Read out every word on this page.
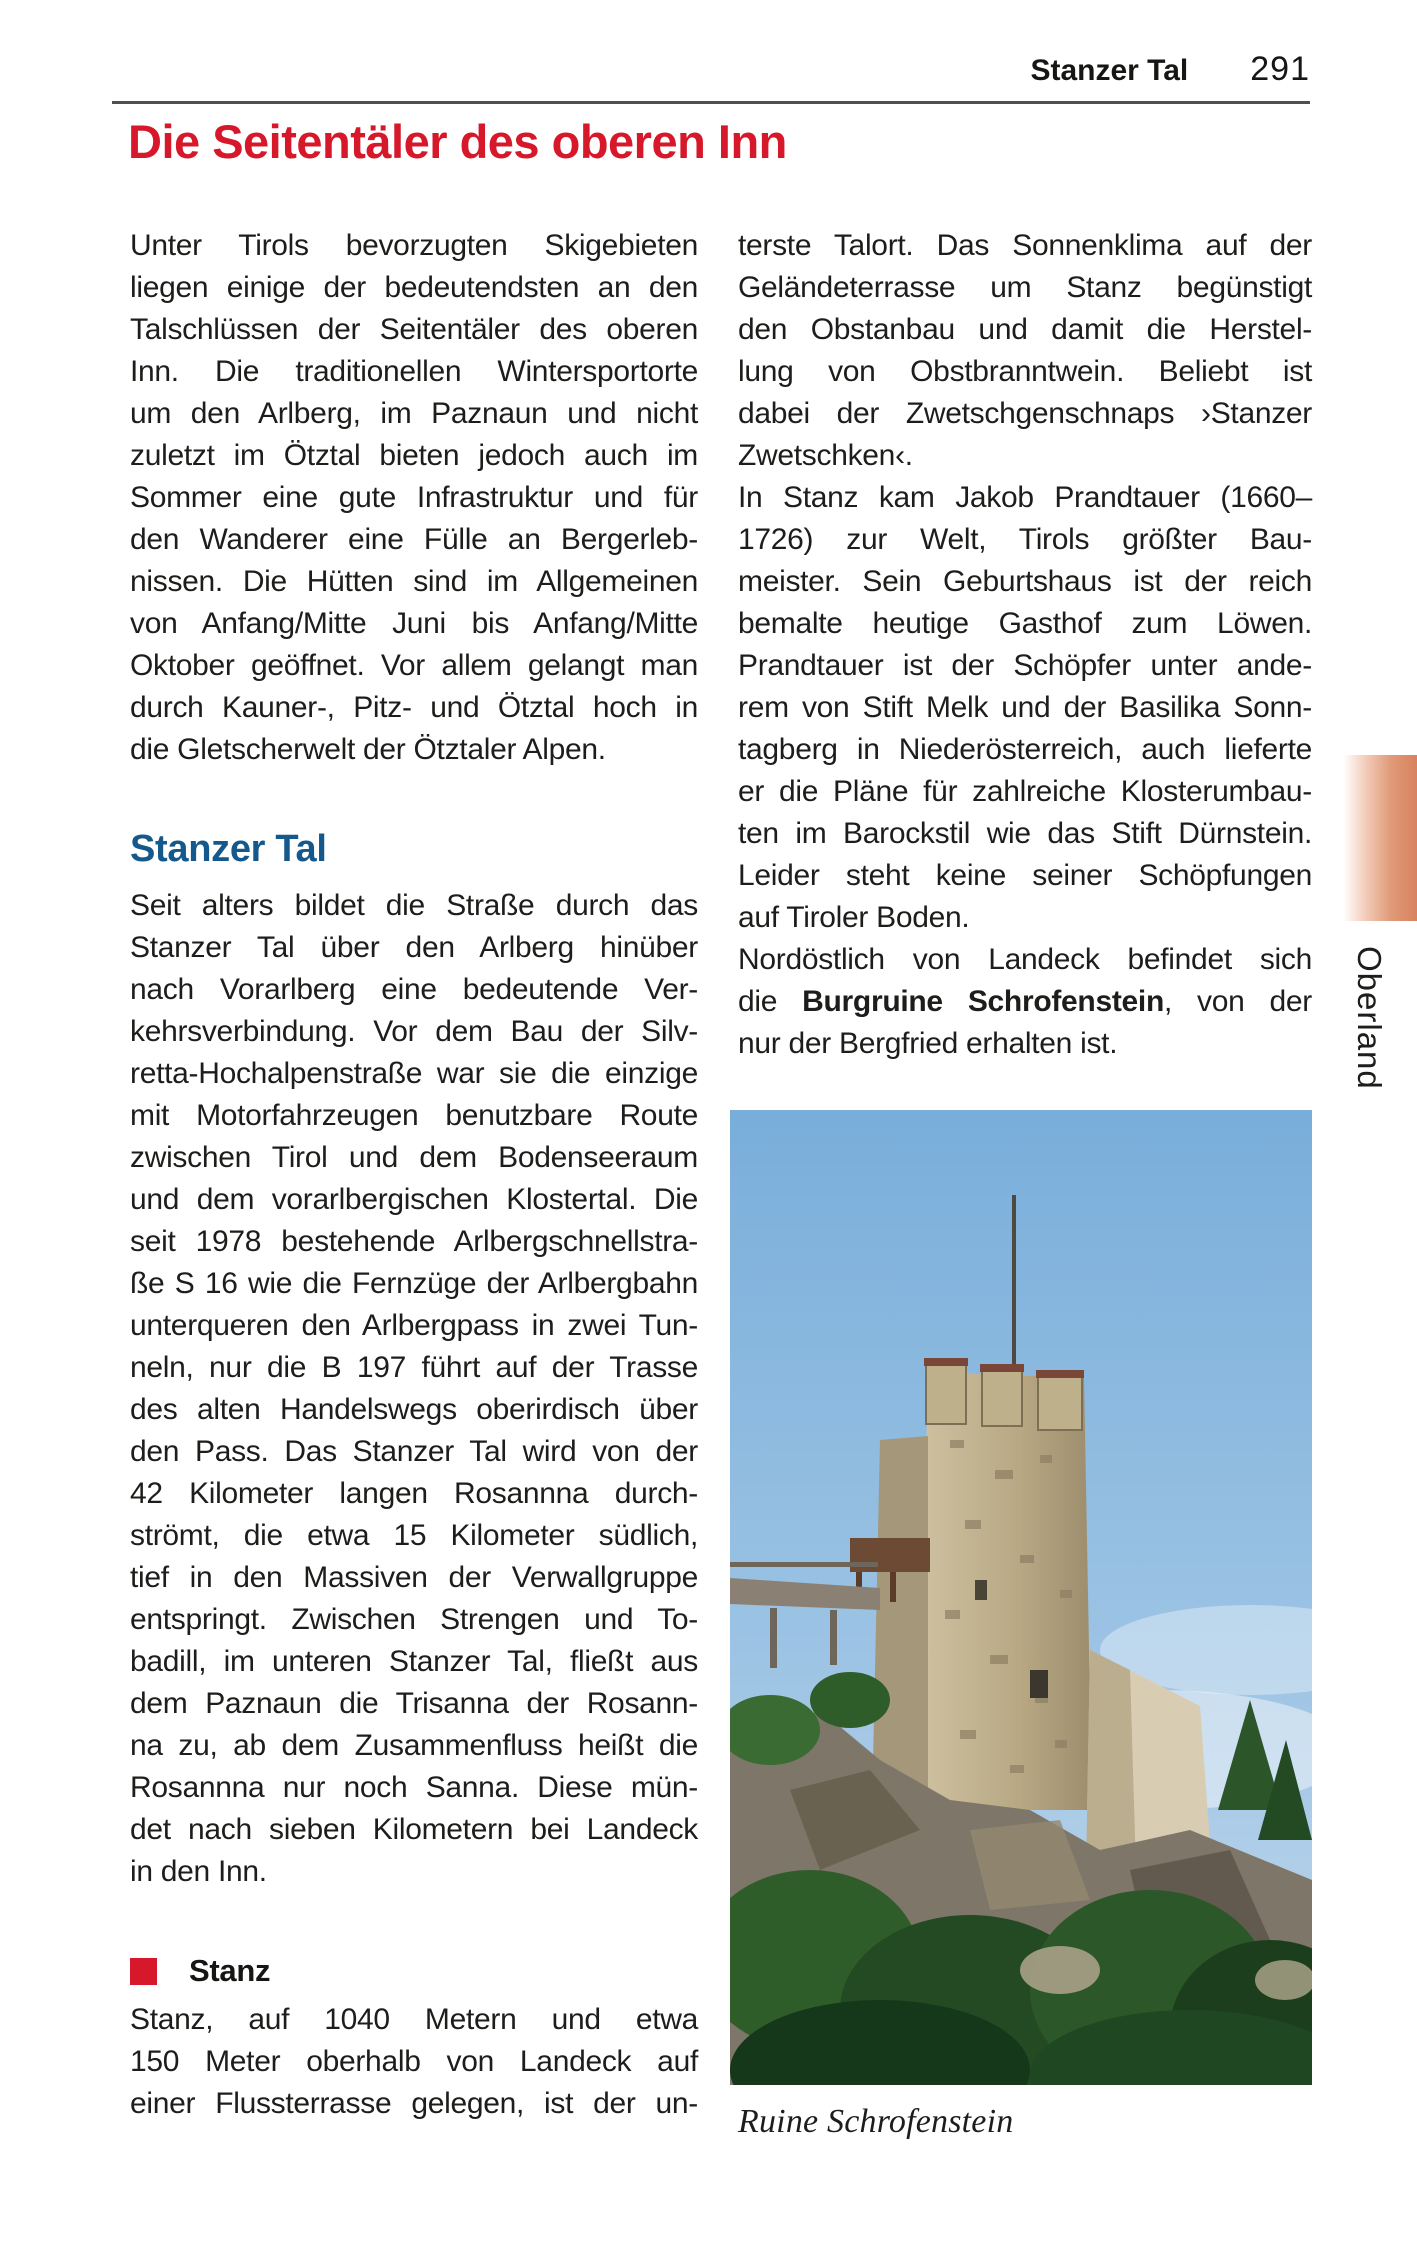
Stanzer Tal 291
Die Seitentäler des oberen Inn
Unter Tirols bevorzugten Skigebieten
liegen einige der bedeutendsten an den
Talschlüssen der Seitentäler des oberen
Inn. Die traditionellen Wintersportorte
um den Arlberg, im Paznaun und nicht
zuletzt im Ötztal bieten jedoch auch im
Sommer eine gute Infrastruktur und für
den Wanderer eine Fülle an Bergerleb-
nissen. Die Hütten sind im Allgemeinen
von Anfang/Mitte Juni bis Anfang/Mitte
Oktober geöffnet. Vor allem gelangt man
durch Kauner-, Pitz- und Ötztal hoch in
die Gletscherwelt der Ötztaler Alpen.
Stanzer Tal
Seit alters bildet die Straße durch das
Stanzer Tal über den Arlberg hinüber
nach Vorarlberg eine bedeutende Ver-
kehrsverbindung. Vor dem Bau der Silv-
retta-Hochalpenstraße war sie die einzige
mit Motorfahrzeugen benutzbare Route
zwischen Tirol und dem Bodenseeraum
und dem vorarlbergischen Klostertal. Die
seit 1978 bestehende Arlbergschnellstra-
ße S 16 wie die Fernzüge der Arlbergbahn
unterqueren den Arlbergpass in zwei Tun-
neln, nur die B 197 führt auf der Trasse
des alten Handelswegs oberirdisch über
den Pass. Das Stanzer Tal wird von der
42 Kilometer langen Rosannna durch-
strömt, die etwa 15 Kilometer südlich,
tief in den Massiven der Verwallgruppe
entspringt. Zwischen Strengen und To-
badill, im unteren Stanzer Tal, fließt aus
dem Paznaun die Trisanna der Rosann-
na zu, ab dem Zusammenfluss heißt die
Rosannna nur noch Sanna. Diese mün-
det nach sieben Kilometern bei Landeck
in den Inn.
Stanz
Stanz, auf 1040 Metern und etwa
150 Meter oberhalb von Landeck auf
einer Flussterrasse gelegen, ist der un-
terste Talort. Das Sonnenklima auf der
Geländeterrasse um Stanz begünstigt
den Obstanbau und damit die Herstel-
lung von Obstbranntwein. Beliebt ist
dabei der Zwetschgenschnaps ›Stanzer
Zwetschken‹.
In Stanz kam Jakob Prandtauer (1660–
1726) zur Welt, Tirols größter Bau-
meister. Sein Geburtshaus ist der reich
bemalte heutige Gasthof zum Löwen.
Prandtauer ist der Schöpfer unter ande-
rem von Stift Melk und der Basilika Sonn-
tagberg in Niederösterreich, auch lieferte
er die Pläne für zahlreiche Klosterumbau-
ten im Barockstil wie das Stift Dürnstein.
Leider steht keine seiner Schöpfungen
auf Tiroler Boden.
Nordöstlich von Landeck befindet sich
die Burgruine Schrofenstein, von der
nur der Bergfried erhalten ist.
Ruine Schrofenstein
Oberland
